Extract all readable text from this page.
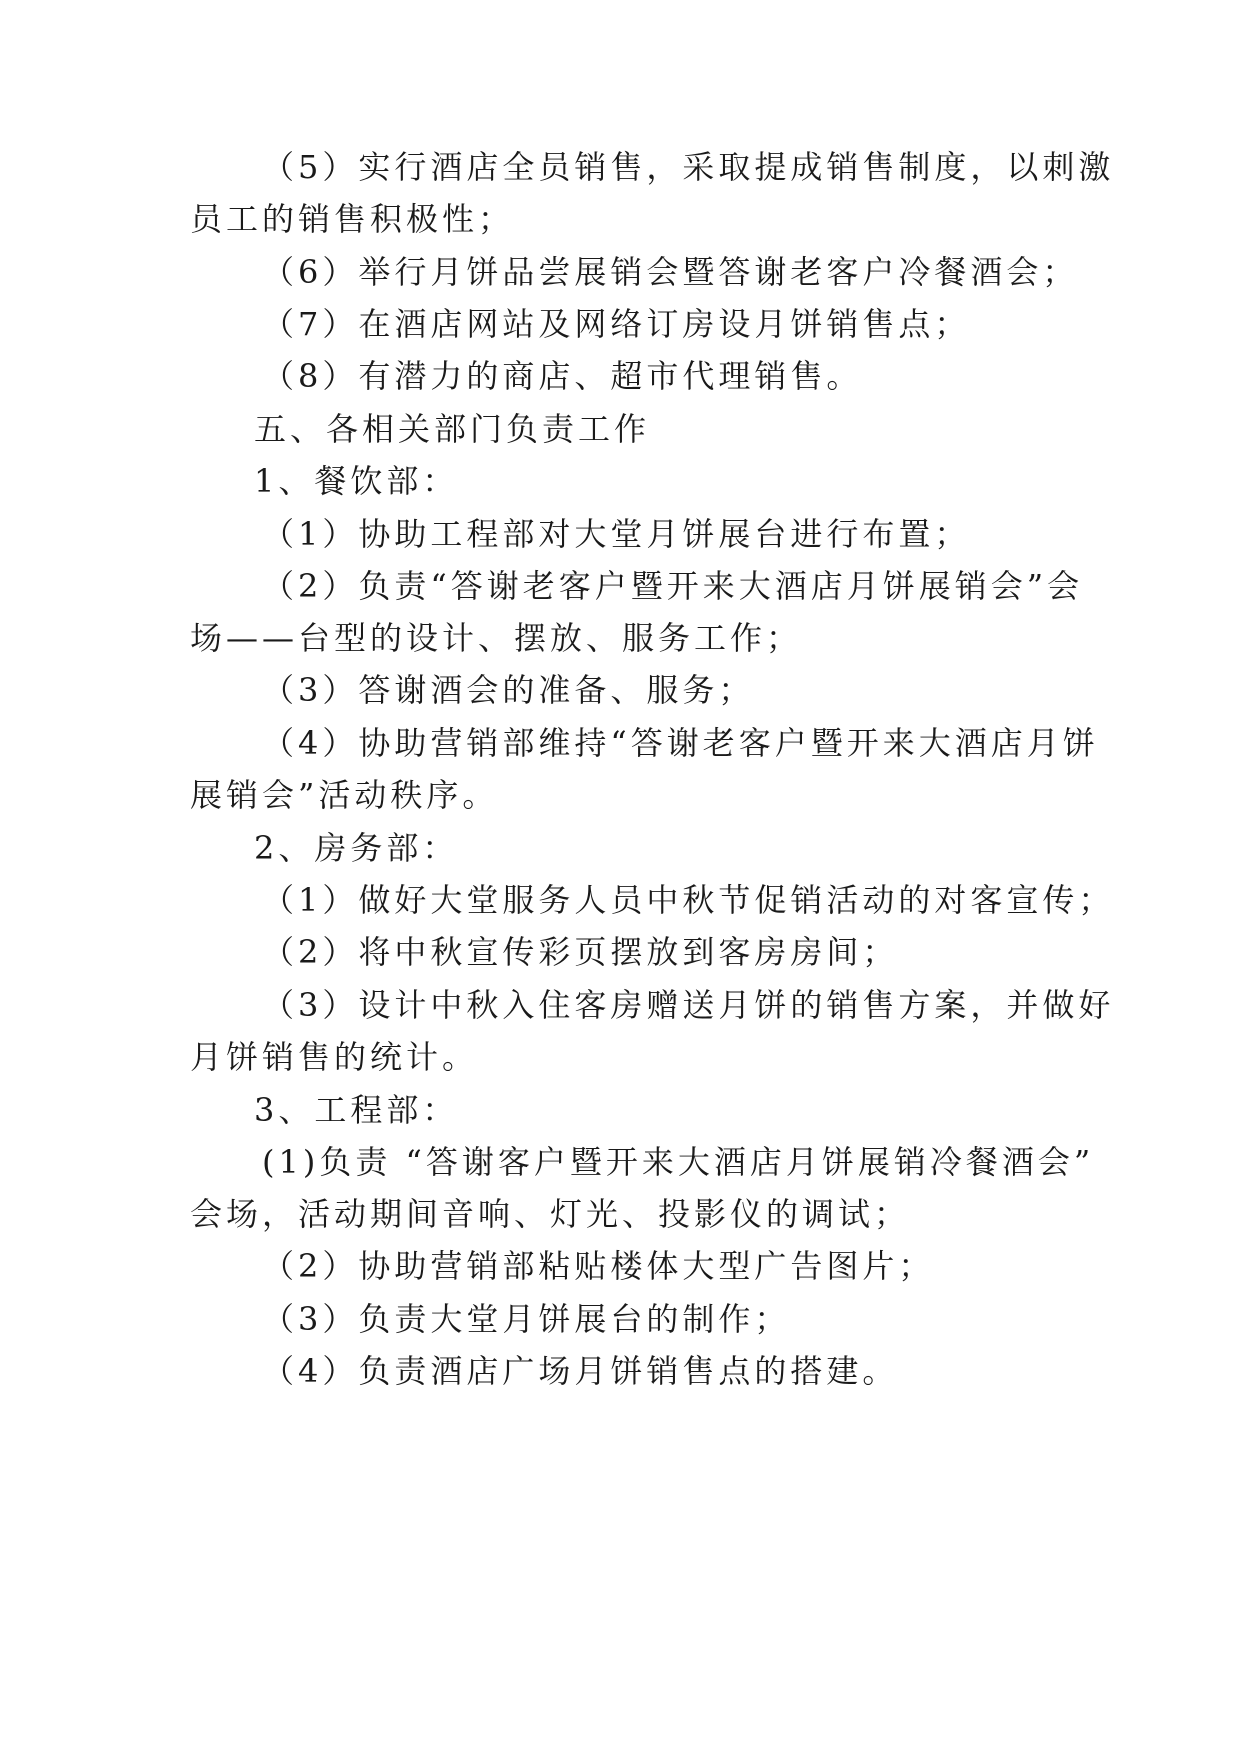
（5）实行酒店全员销售，采取提成销售制度，以刺激
员工的销售积极性；
（6）举行月饼品尝展销会暨答谢老客户冷餐酒会；
（7）在酒店网站及网络订房设月饼销售点；
（8）有潜力的商店、超市代理销售。
五、各相关部门负责工作
1、餐饮部：
（1）协助工程部对大堂月饼展台进行布置；
（2）负责“答谢老客户暨开来大酒店月饼展销会”会
场——台型的设计、摆放、服务工作；
（3）答谢酒会的准备、服务；
（4）协助营销部维持“答谢老客户暨开来大酒店月饼
展销会”活动秩序。
2、房务部：
（1）做好大堂服务人员中秋节促销活动的对客宣传；
（2）将中秋宣传彩页摆放到客房房间；
（3）设计中秋入住客房赠送月饼的销售方案，并做好
月饼销售的统计。
3、工程部：
(1)负责 “答谢客户暨开来大酒店月饼展销冷餐酒会”
会场，活动期间音响、灯光、投影仪的调试；
（2）协助营销部粘贴楼体大型广告图片；
（3）负责大堂月饼展台的制作；
（4）负责酒店广场月饼销售点的搭建。
